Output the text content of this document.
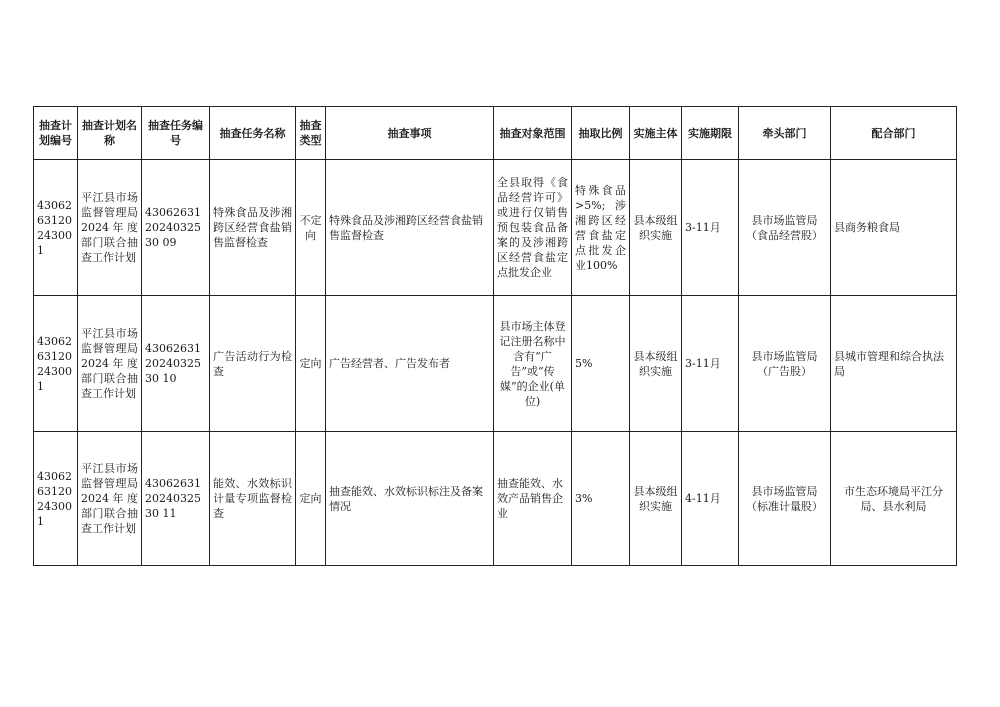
抽查计划编号	抽查计划名称	抽查任务编号	抽查任务名称	抽查类型	抽查事项	抽查对象范围	抽取比例	实施主体	实施期限	牵头部门	配合部门
430626312024300 1	平江县市场监督管理局2024年度部门联合抽查工作计划	430626312024032530 09	特殊食品及涉湘跨区经营食盐销售监督检查	不定向	特殊食品及涉湘跨区经营食盐销售监督检查	全县取得《食品经营许可》或进行仅销售预包装食品备案的及涉湘跨区经营食盐定点批发企业	特殊食品>5%;涉湘跨区经营食盐定点批发企业100%	县本级组织实施	3-11月	县市场监管局（食品经营股）	县商务粮食局
430626312024300 1	平江县市场监督管理局2024年度部门联合抽查工作计划	430626312024032530 10	广告活动行为检查	定向	广告经营者、广告发布者	县市场主体登记注册名称中含有“广告”或“传媒”的企业(单位)	5%	县本级组织实施	3-11月	县市场监管局（广告股）	县城市管理和综合执法局
430626312024300 1	平江县市场监督管理局2024年度部门联合抽查工作计划	430626312024032530 11	能效、水效标识计量专项监督检查	定向	抽查能效、水效标识标注及备案情况	抽查能效、水效产品销售企业	3%	县本级组织实施	4-11月	县市场监管局（标准计量股）	市生态环境局平江分局、县水利局
